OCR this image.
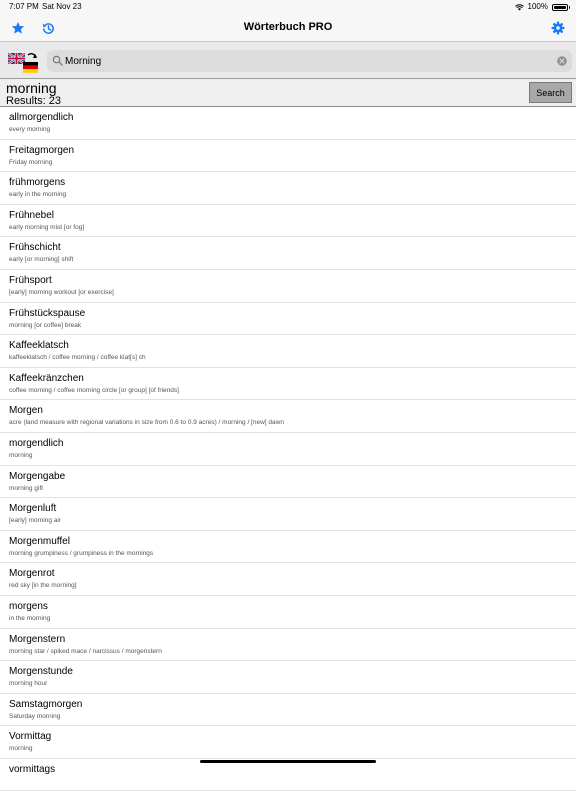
7:07 PM Sat Nov 23	100%
Wörterbuch PRO
Morning
morning
Results: 23
Search
allmorgendlich
every morning
Freitagmorgen
Friday morning
frühmorgens
early in the morning
Frühnebel
early morning mist [or fog]
Frühschicht
early [or morning] shift
Frühsport
[early] morning workout [or exercise]
Frühstückspause
morning [or coffee] break
Kaffeeklatsch
kaffeeklatsch / coffee morning / coffee klat[s] ch
Kaffeekränzchen
coffee morning / coffee morning circle [or group] [of friends]
Morgen
acre (land measure with regional variations in size from 0.6 to 0.9 acres) / morning / [new] dawn
morgendlich
morning
Morgengabe
morning gift
Morgenluft
[early] morning air
Morgenmuffel
morning grumpiness / grumpiness in the mornings
Morgenrot
red sky [in the morning]
morgens
in the morning
Morgenstern
morning star / spiked mace / narcissus / morgenstern
Morgenstunde
morning hour
Samstagmorgen
Saturday morning
Vormittag
morning
vormittags
